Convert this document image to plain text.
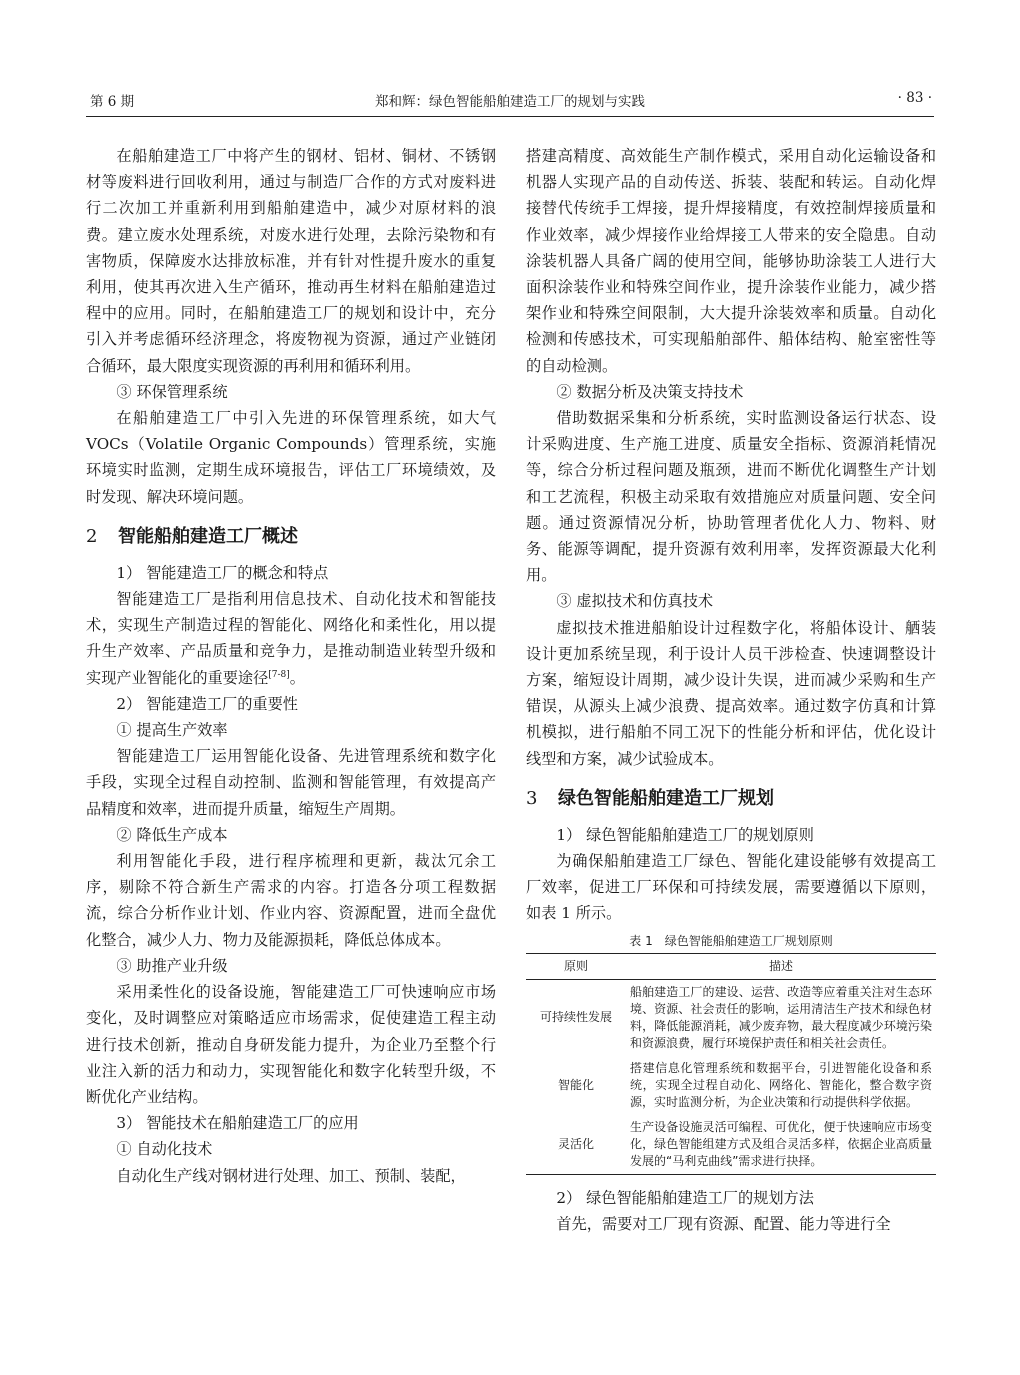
第 6 期	郑和辉：绿色智能船舶建造工厂的规划与实践	· 83 ·

在船舶建造工厂中将产生的钢材、铝材、铜材、不锈钢材等废料进行回收利用，通过与制造厂合作的方式对废料进行二次加工并重新利用到船舶建造中，减少对原材料的浪费。建立废水处理系统，对废水进行处理，去除污染物和有害物质，保障废水达排放标准，并有针对性提升废水的重复利用，使其再次进入生产循环，推动再生材料在船舶建造过程中的应用。同时，在船舶建造工厂的规划和设计中，充分引入并考虑循环经济理念，将废物视为资源，通过产业链闭合循环，最大限度实现资源的再利用和循环利用。

③ 环保管理系统

在船舶建造工厂中引入先进的环保管理系统，如大气 VOCs（Volatile Organic Compounds）管理系统，实施环境实时监测，定期生成环境报告，评估工厂环境绩效，及时发现、解决环境问题。

2 智能船舶建造工厂概述

1） 智能建造工厂的概念和特点

智能建造工厂是指利用信息技术、自动化技术和智能技术，实现生产制造过程的智能化、网络化和柔性化，用以提升生产效率、产品质量和竞争力，是推动制造业转型升级和实现产业智能化的重要途径[7-8]。

2） 智能建造工厂的重要性

① 提高生产效率

智能建造工厂运用智能化设备、先进管理系统和数字化手段，实现全过程自动控制、监测和智能管理，有效提高产品精度和效率，进而提升质量，缩短生产周期。

② 降低生产成本

利用智能化手段，进行程序梳理和更新，裁汰冗余工序，剔除不符合新生产需求的内容。打造各分项工程数据流，综合分析作业计划、作业内容、资源配置，进而全盘优化整合，减少人力、物力及能源损耗，降低总体成本。

③ 助推产业升级

采用柔性化的设备设施，智能建造工厂可快速响应市场变化，及时调整应对策略适应市场需求，促使建造工程主动进行技术创新，推动自身研发能力提升，为企业乃至整个行业注入新的活力和动力，实现智能化和数字化转型升级，不断优化产业结构。

3） 智能技术在船舶建造工厂的应用

① 自动化技术

自动化生产线对钢材进行处理、加工、预制、装配，

搭建高精度、高效能生产制作模式，采用自动化运输设备和机器人实现产品的自动传送、拆装、装配和转运。自动化焊接替代传统手工焊接，提升焊接精度，有效控制焊接质量和作业效率，减少焊接作业给焊接工人带来的安全隐患。自动涂装机器人具备广阔的使用空间，能够协助涂装工人进行大面积涂装作业和特殊空间作业，提升涂装作业能力，减少搭架作业和特殊空间限制，大大提升涂装效率和质量。自动化检测和传感技术，可实现船舶部件、船体结构、舱室密性等的自动检测。

② 数据分析及决策支持技术

借助数据采集和分析系统，实时监测设备运行状态、设计采购进度、生产施工进度、质量安全指标、资源消耗情况等，综合分析过程问题及瓶颈，进而不断优化调整生产计划和工艺流程，积极主动采取有效措施应对质量问题、安全问题。通过资源情况分析，协助管理者优化人力、物料、财务、能源等调配，提升资源有效利用率，发挥资源最大化利用。

③ 虚拟技术和仿真技术

虚拟技术推进船舶设计过程数字化，将船体设计、舾装设计更加系统呈现，利于设计人员干涉检查、快速调整设计方案，缩短设计周期，减少设计失误，进而减少采购和生产错误，从源头上减少浪费、提高效率。通过数字仿真和计算机模拟，进行船舶不同工况下的性能分析和评估，优化设计线型和方案，减少试验成本。

3 绿色智能船舶建造工厂规划

1） 绿色智能船舶建造工厂的规划原则

为确保船舶建造工厂绿色、智能化建设能够有效提高工厂效率，促进工厂环保和可持续发展，需要遵循以下原则，如表 1 所示。

表 1　绿色智能船舶建造工厂规划原则
原则	描述
可持续性发展	船舶建造工厂的建设、运营、改造等应着重关注对生态环境、资源、社会责任的影响，运用清洁生产技术和绿色材料，降低能源消耗，减少废弃物，最大程度减少环境污染和资源浪费，履行环境保护责任和相关社会责任。
智能化	搭建信息化管理系统和数据平台，引进智能化设备和系统，实现全过程自动化、网络化、智能化，整合数字资源，实时监测分析，为企业决策和行动提供科学依据。
灵活化	生产设备设施灵活可编程、可优化，便于快速响应市场变化，绿色智能组建方式及组合灵活多样，依据企业高质量发展的“马利克曲线”需求进行抉择。

2） 绿色智能船舶建造工厂的规划方法

首先，需要对工厂现有资源、配置、能力等进行全
